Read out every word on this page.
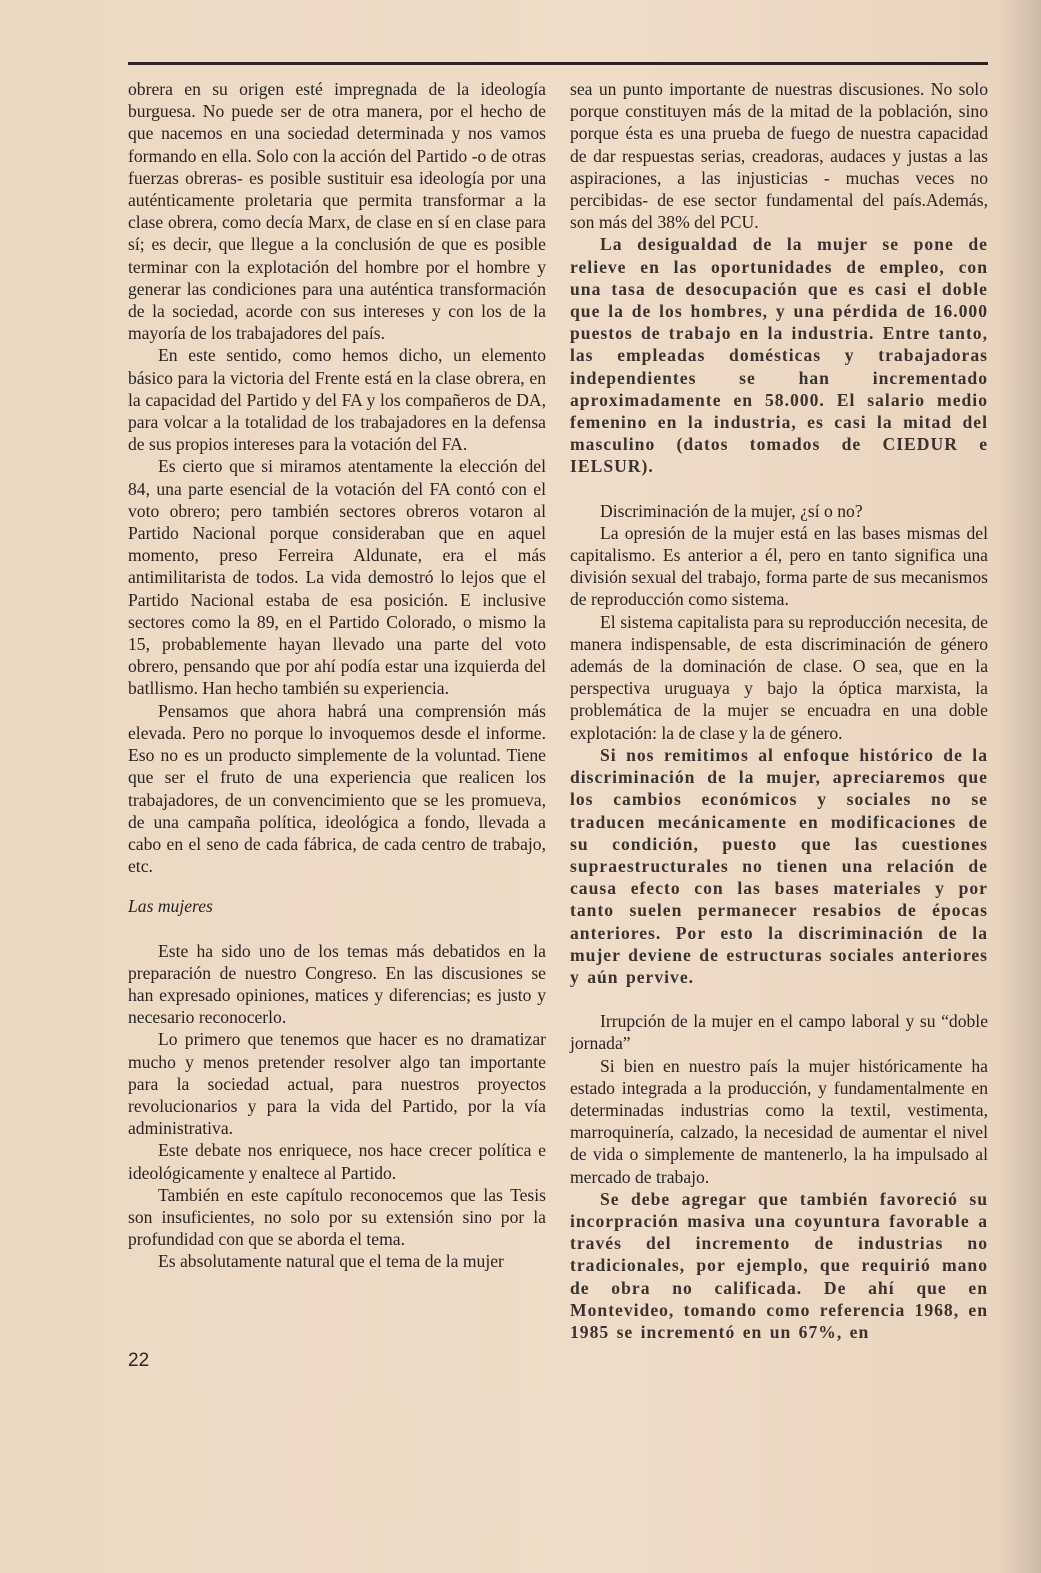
obrera en su origen esté impregnada de la ideología burguesa. No puede ser de otra manera, por el hecho de que nacemos en una sociedad determinada y nos vamos formando en ella. Solo con la acción del Partido -o de otras fuerzas obreras- es posible sustituir esa ideología por una auténticamente proletaria que permita transformar a la clase obrera, como decía Marx, de clase en sí en clase para sí; es decir, que llegue a la conclusión de que es posible terminar con la explotación del hombre por el hombre y generar las condiciones para una auténtica transformación de la sociedad, acorde con sus intereses y con los de la mayoría de los trabajadores del país.

En este sentido, como hemos dicho, un elemento básico para la victoria del Frente está en la clase obrera, en la capacidad del Partido y del FA y los compañeros de DA, para volcar a la totalidad de los trabajadores en la defensa de sus propios intereses para la votación del FA.

Es cierto que si miramos atentamente la elección del 84, una parte esencial de la votación del FA contó con el voto obrero; pero también sectores obreros votaron al Partido Nacional porque consideraban que en aquel momento, preso Ferreira Aldunate, era el más antimilitarista de todos. La vida demostró lo lejos que el Partido Nacional estaba de esa posición. E inclusive sectores como la 89, en el Partido Colorado, o mismo la 15, probablemente hayan llevado una parte del voto obrero, pensando que por ahí podía estar una izquierda del batllismo. Han hecho también su experiencia.

Pensamos que ahora habrá una comprensión más elevada. Pero no porque lo invoquemos desde el informe. Eso no es un producto simplemente de la voluntad. Tiene que ser el fruto de una experiencia que realicen los trabajadores, de un convencimiento que se les promueva, de una campaña política, ideológica a fondo, llevada a cabo en el seno de cada fábrica, de cada centro de trabajo, etc.

Las mujeres

Este ha sido uno de los temas más debatidos en la preparación de nuestro Congreso. En las discusiones se han expresado opiniones, matices y diferencias; es justo y necesario reconocerlo.

Lo primero que tenemos que hacer es no dramatizar mucho y menos pretender resolver algo tan importante para la sociedad actual, para nuestros proyectos revolucionarios y para la vida del Partido, por la vía administrativa.

Este debate nos enriquece, nos hace crecer política e ideológicamente y enaltece al Partido.

También en este capítulo reconocemos que las Tesis son insuficientes, no solo por su extensión sino por la profundidad con que se aborda el tema.

Es absolutamente natural que el tema de la mujer

sea un punto importante de nuestras discusiones. No solo porque constituyen más de la mitad de la población, sino porque ésta es una prueba de fuego de nuestra capacidad de dar respuestas serias, creadoras, audaces y justas a las aspiraciones, a las injusticias - muchas veces no percibidas- de ese sector fundamental del país.Además, son más del 38% del PCU.

La desigualdad de la mujer se pone de relieve en las oportunidades de empleo, con una tasa de desocupación que es casi el doble que la de los hombres, y una pérdida de 16.000 puestos de trabajo en la industria. Entre tanto, las empleadas domésticas y trabajadoras independientes se han incrementado aproximadamente en 58.000. El salario medio femenino en la industria, es casi la mitad del masculino (datos tomados de CIEDUR e IELSUR).

Discriminación de la mujer, ¿sí o no?

La opresión de la mujer está en las bases mismas del capitalismo. Es anterior a él, pero en tanto significa una división sexual del trabajo, forma parte de sus mecanismos de reproducción como sistema.

El sistema capitalista para su reproducción necesita, de manera indispensable, de esta discriminación de género además de la dominación de clase. O sea, que en la perspectiva uruguaya y bajo la óptica marxista, la problemática de la mujer se encuadra en una doble explotación: la de clase y la de género.

Si nos remitimos al enfoque histórico de la discriminación de la mujer, apreciaremos que los cambios económicos y sociales no se traducen mecánicamente en modificaciones de su condición, puesto que las cuestiones supraestructurales no tienen una relación de causa efecto con las bases materiales y por tanto suelen permanecer resabios de épocas anteriores. Por esto la discriminación de la mujer deviene de estructuras sociales anteriores y aún pervive.

Irrupción de la mujer en el campo laboral y su “doble jornada”

Si bien en nuestro país la mujer históricamente ha estado integrada a la producción, y fundamentalmente en determinadas industrias como la textil, vestimenta, marroquinería, calzado, la necesidad de aumentar el nivel de vida o simplemente de mantenerlo, la ha impulsado al mercado de trabajo.

Se debe agregar que también favoreció su incorpración masiva una coyuntura favorable a través del incremento de industrias no tradicionales, por ejemplo, que requirió mano de obra no calificada. De ahí que en Montevideo, tomando como referencia 1968, en 1985 se incrementó en un 67%, en

22
